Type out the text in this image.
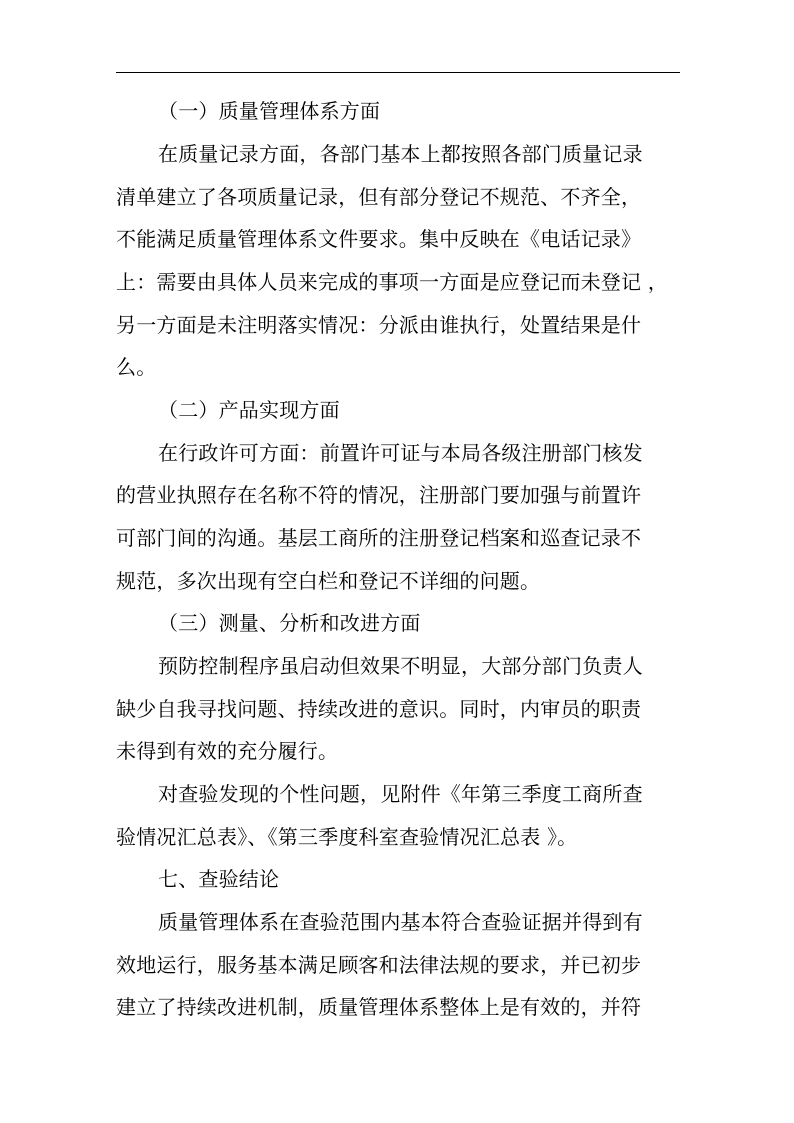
（一）质量管理体系方面
在质量记录方面，各部门基本上都按照各部门质量记录
清单建立了各项质量记录，但有部分登记不规范、不齐全，
不能满足质量管理体系文件要求。集中反映在《电话记录》
上：需要由具体人员来完成的事项一方面是应登记而未登记 ，
另一方面是未注明落实情况：分派由谁执行，处置结果是什
么。
（二）产品实现方面
在行政许可方面：前置许可证与本局各级注册部门核发
的营业执照存在名称不符的情况，注册部门要加强与前置许
可部门间的沟通。基层工商所的注册登记档案和巡查记录不
规范，多次出现有空白栏和登记不详细的问题。
（三）测量、分析和改进方面
预防控制程序虽启动但效果不明显，大部分部门负责人
缺少自我寻找问题、持续改进的意识。同时，内审员的职责
未得到有效的充分履行。
对查验发现的个性问题，见附件《年第三季度工商所查
验情况汇总表》、《第三季度科室查验情况汇总表 》。
七、查验结论
质量管理体系在查验范围内基本符合查验证据并得到有
效地运行，服务基本满足顾客和法律法规的要求，并已初步
建立了持续改进机制，质量管理体系整体上是有效的，并符
